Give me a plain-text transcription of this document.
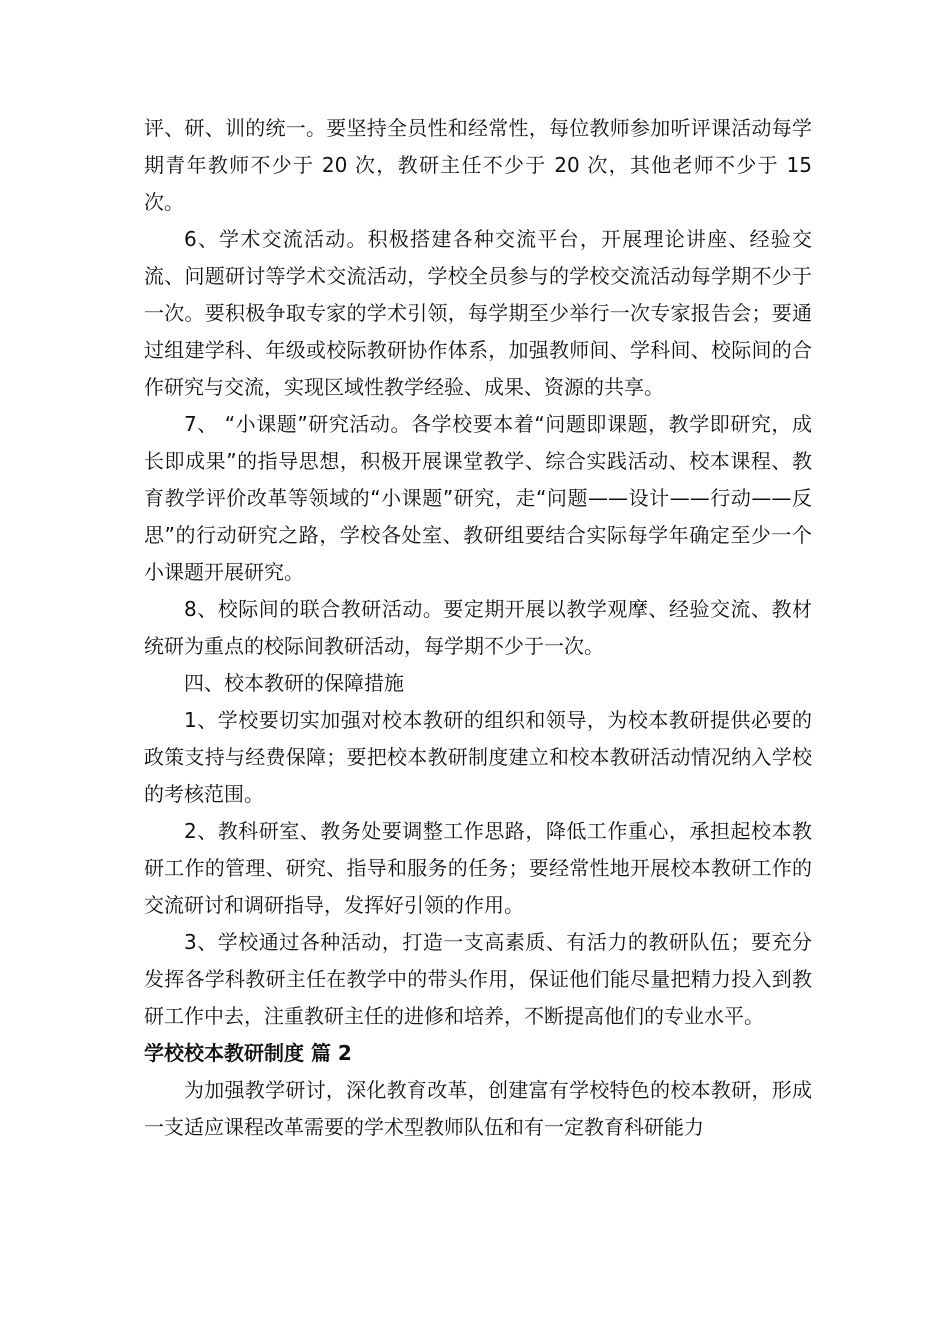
评、研、训的统一。要坚持全员性和经常性，每位教师参加听评课活动每学期青年教师不少于 20 次，教研主任不少于 20 次，其他老师不少于 15 次。

6、学术交流活动。积极搭建各种交流平台，开展理论讲座、经验交流、问题研讨等学术交流活动，学校全员参与的学校交流活动每学期不少于一次。要积极争取专家的学术引领，每学期至少举行一次专家报告会；要通过组建学科、年级或校际教研协作体系，加强教师间、学科间、校际间的合作研究与交流，实现区域性教学经验、成果、资源的共享。

7、 “小课题”研究活动。各学校要本着“问题即课题，教学即研究，成长即成果”的指导思想，积极开展课堂教学、综合实践活动、校本课程、教育教学评价改革等领域的“小课题”研究，走“问题——设计——行动——反思”的行动研究之路，学校各处室、教研组要结合实际每学年确定至少一个小课题开展研究。

8、校际间的联合教研活动。要定期开展以教学观摩、经验交流、教材统研为重点的校际间教研活动，每学期不少于一次。

四、校本教研的保障措施

1、学校要切实加强对校本教研的组织和领导，为校本教研提供必要的政策支持与经费保障；要把校本教研制度建立和校本教研活动情况纳入学校的考核范围。

2、教科研室、教务处要调整工作思路，降低工作重心，承担起校本教研工作的管理、研究、指导和服务的任务；要经常性地开展校本教研工作的交流研讨和调研指导，发挥好引领的作用。

3、学校通过各种活动，打造一支高素质、有活力的教研队伍；要充分发挥各学科教研主任在教学中的带头作用，保证他们能尽量把精力投入到教研工作中去，注重教研主任的进修和培养，不断提高他们的专业水平。

学校校本教研制度 篇 2

为加强教学研讨，深化教育改革，创建富有学校特色的校本教研，形成一支适应课程改革需要的学术型教师队伍和有一定教育科研能力
